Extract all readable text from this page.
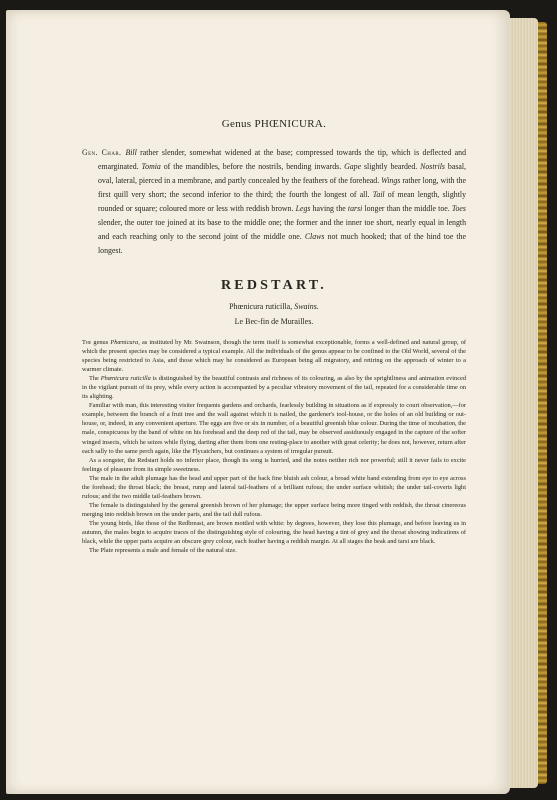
Genus PHŒNICURA.

Gen. Char. Bill rather slender, somewhat widened at the base; compressed towards the tip, which is deflected and emarginated. Tomia of the mandibles, before the nostrils, bending inwards. Gape slightly bearded. Nostrils basal, oval, lateral, pierced in a membrane, and partly concealed by the feathers of the forehead. Wings rather long, with the first quill very short; the second inferior to the third; the fourth the longest of all. Tail of mean length, slightly rounded or square; coloured more or less with reddish brown. Legs having the tarsi longer than the middle toe. Toes slender, the outer toe joined at its base to the middle one; the former and the inner toe short, nearly equal in length and each reaching only to the second joint of the middle one. Claws not much hooked; that of the hind toe the longest.

REDSTART.
Phœnicura ruticilla, Swains.
Le Bec-fin de Murailles.

The genus Phœnicura, as instituted by Mr. Swainson, though the term itself is somewhat exceptionable, forms a well-defined and natural group, of which the present species may be considered a typical example. All the individuals of the genus appear to be confined to the Old World, several of the species being restricted to Asia, and those which may be considered as European being all migratory, and retiring on the approach of winter to a warmer climate.

The Phœnicura ruticilla is distinguished by the beautiful contrasts and richness of its colouring, as also by the sprightliness and animation evinced in the vigilant pursuit of its prey, while every action is accompanied by a peculiar vibratory movement of the tail, repeated for a considerable time on its alighting.

Familiar with man, this interesting visiter frequents gardens and orchards, fearlessly building in situations as if expressly to court observation,—for example, between the branch of a fruit tree and the wall against which it is nailed, the gardener's tool-house, or the holes of an old building or out-house, or, indeed, in any convenient aperture. The eggs are five or six in number, of a beautiful greenish blue colour. During the time of incubation, the male, conspicuous by the band of white on his forehead and the deep red of the tail, may be observed assiduously engaged in the capture of the softer winged insects, which he seizes while flying, darting after them from one resting-place to another with great celerity; he does not, however, return after each sally to the same perch again, like the Flycatchers, but continues a system of irregular pursuit.

As a songster, the Redstart holds no inferior place, though its song is hurried, and the notes neither rich nor powerful; still it never fails to excite feelings of pleasure from its simple sweetness.

The male in the adult plumage has the head and upper part of the back fine bluish ash colour, a broad white band extending from eye to eye across the forehead; the throat black; the breast, rump and lateral tail-feathers of a brilliant rufous; the under surface whitish; the under tail-coverts light rufous; and the two middle tail-feathers brown.

The female is distinguished by the general greenish brown of her plumage; the upper surface being more tinged with reddish, the throat cinereous merging into reddish brown on the under parts, and the tail dull rufous.

The young birds, like those of the Redbreast, are brown mottled with white: by degrees, however, they lose this plumage, and before leaving us in autumn, the males begin to acquire traces of the distinguishing style of colouring, the head having a tint of grey and the throat showing indications of black, while the upper parts acquire an obscure grey colour, each feather having a reddish margin. At all stages the beak and tarsi are black.

The Plate represents a male and female of the natural size.
